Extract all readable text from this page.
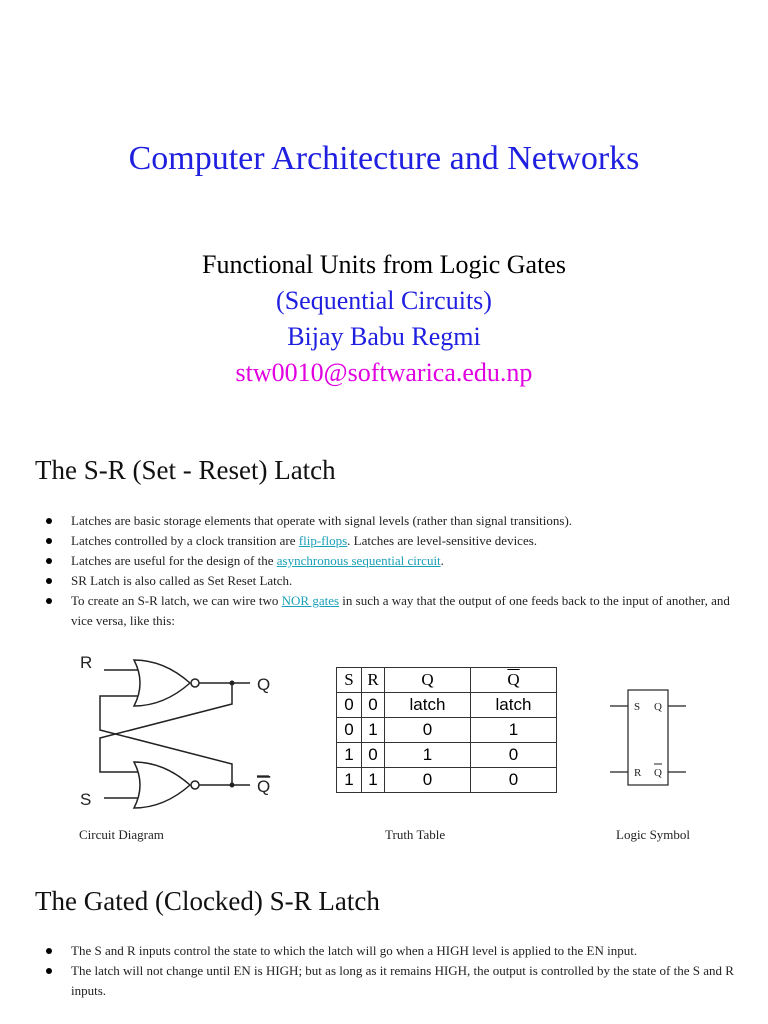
Computer Architecture and Networks
Functional Units from Logic Gates
(Sequential Circuits)
Bijay Babu Regmi
stw0010@softwarica.edu.np
The S-R (Set - Reset) Latch
Latches are basic storage elements that operate with signal levels (rather than signal transitions).
Latches controlled by a clock transition are flip-flops. Latches are level-sensitive devices.
Latches are useful for the design of the asynchronous sequential circuit.
SR Latch is also called as Set Reset Latch.
To create an S-R latch, we can wire two NOR gates in such a way that the output of one feeds back to the input of another, and vice versa, like this:
R
S
Q
Q
S	R	Q	$\overline{Q}$
0	0	latch	latch
0	1	0	1
1	0	1	0
1	1	0	0
S Q
R Q
Circuit Diagram	Truth Table	Logic Symbol
The Gated (Clocked) S-R Latch
The S and R inputs control the state to which the latch will go when a HIGH level is applied to the EN input.
The latch will not change until EN is HIGH; but as long as it remains HIGH, the output is controlled by the state of the S and R inputs.
